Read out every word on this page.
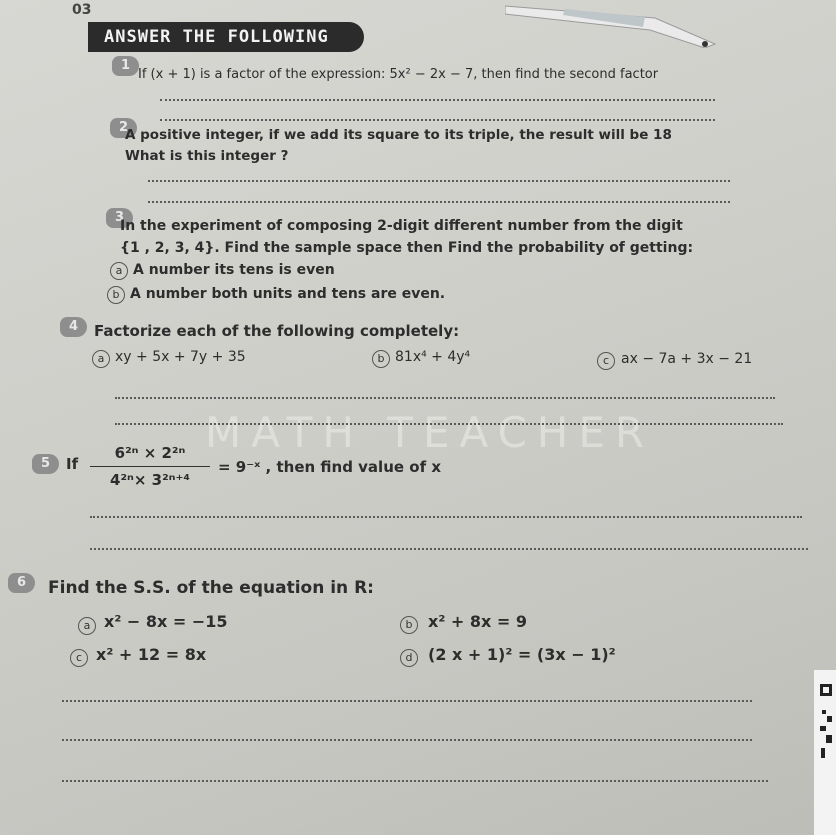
03
ANSWER THE FOLLOWING
MATH TEACHER
1
If (x + 1) is a factor of the expression: 5x² − 2x − 7, then find the second factor
2
A positive integer, if we add its square to its triple, the result will be 18
What is this integer ?
3
In the experiment of composing 2-digit different number from the digit
{1 , 2, 3, 4}. Find the sample space then Find the probability of getting:
a A number its tens is even
b A number both units and tens are even.
4	Factorize each of the following completely:
a xy + 5x + 7y + 35	b 81x⁴ + 4y⁴	c ax − 7a + 3x − 21
5	If
6²ⁿ × 2²ⁿ
4²ⁿ× 3²ⁿ⁺⁴
= 9⁻ˣ , then find value of x
6	Find the S.S. of the equation in R:
a x² − 8x = −15	b x² + 8x = 9
c x² + 12 = 8x	d (2 x + 1)² = (3x − 1)²
